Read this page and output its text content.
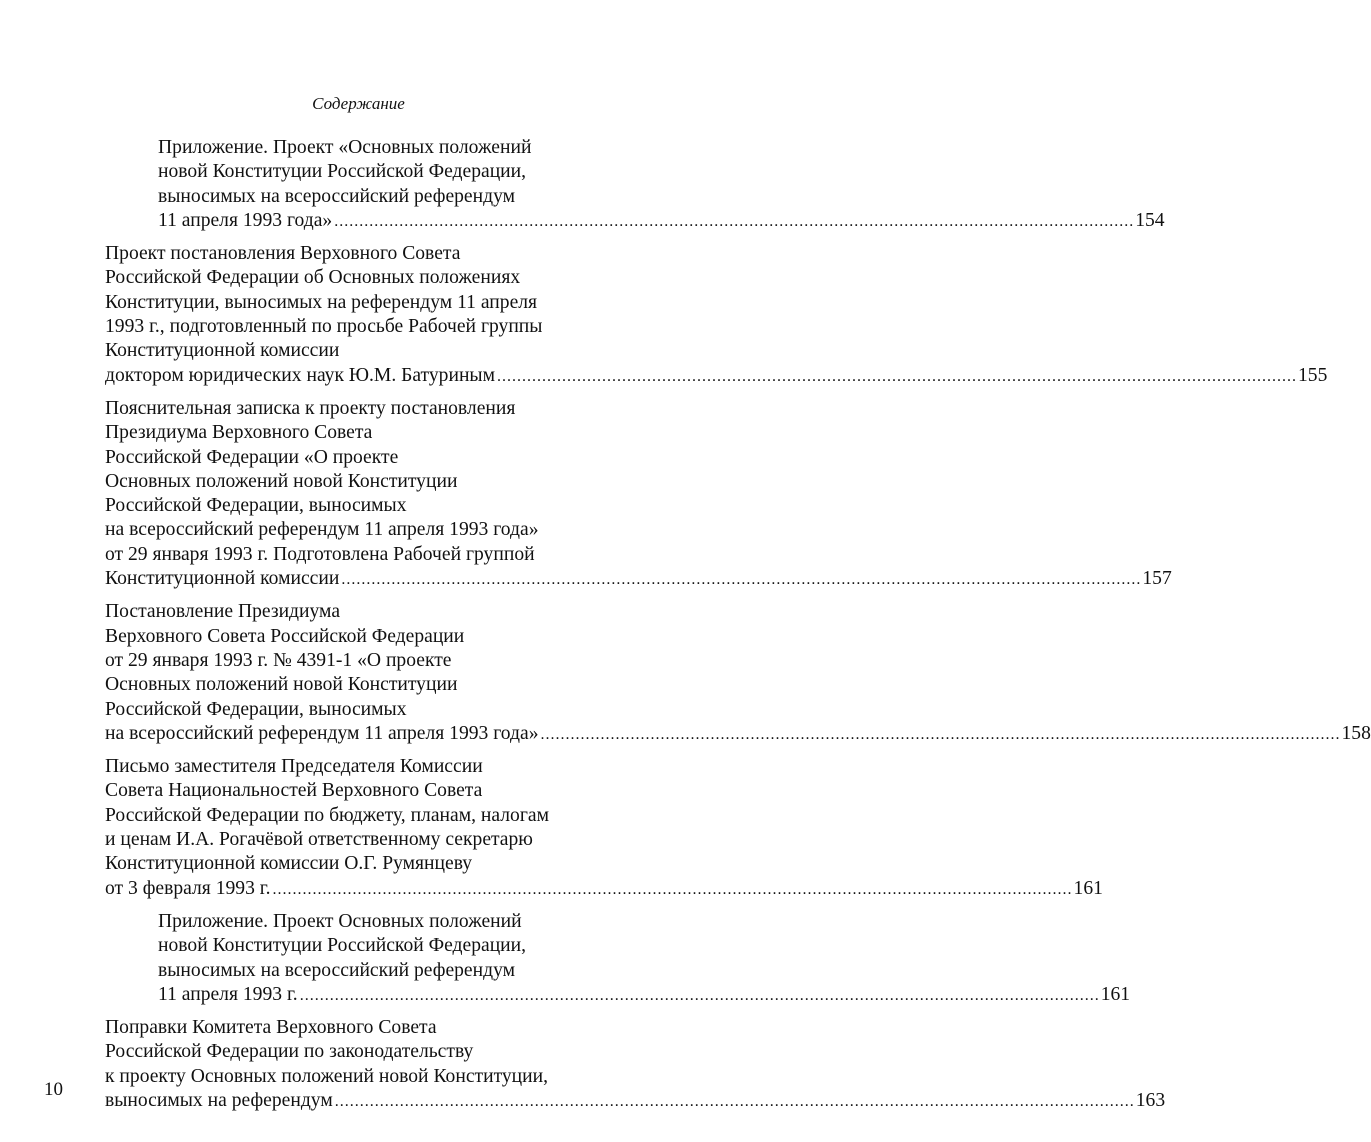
Содержание
Приложение. Проект «Основных положений
новой Конституции Российской Федерации,
выносимых на всероссийский референдум
11 апреля 1993 года» ................................................................................................................................................................ 154
Проект постановления Верховного Совета
Российской Федерации об Основных положениях
Конституции, выносимых на референдум 11 апреля
1993 г., подготовленный по просьбе Рабочей группы
Конституционной комиссии
доктором юридических наук Ю.М. Батуриным ................................................................................................................................................................ 155
Пояснительная записка к проекту постановления
Президиума Верховного Совета
Российской Федерации «О проекте
Основных положений новой Конституции
Российской Федерации, выносимых
на всероссийский референдум 11 апреля 1993 года»
от 29 января 1993 г. Подготовлена Рабочей группой
Конституционной комиссии ................................................................................................................................................................ 157
Постановление Президиума
Верховного Совета Российской Федерации
от 29 января 1993 г. № 4391-1 «О проекте
Основных положений новой Конституции
Российской Федерации, выносимых
на всероссийский референдум 11 апреля 1993 года» ................................................................................................................................................................ 158
Письмо заместителя Председателя Комиссии
Совета Национальностей Верховного Совета
Российской Федерации по бюджету, планам, налогам
и ценам И.А. Рогачёвой ответственному секретарю
Конституционной комиссии О.Г. Румянцеву
от 3 февраля 1993 г. ................................................................................................................................................................ 161
Приложение. Проект Основных положений
новой Конституции Российской Федерации,
выносимых на всероссийский референдум
11 апреля 1993 г. ................................................................................................................................................................ 161
Поправки Комитета Верховного Совета
Российской Федерации по законодательству
к проекту Основных положений новой Конституции,
выносимых на референдум ................................................................................................................................................................ 163
10
